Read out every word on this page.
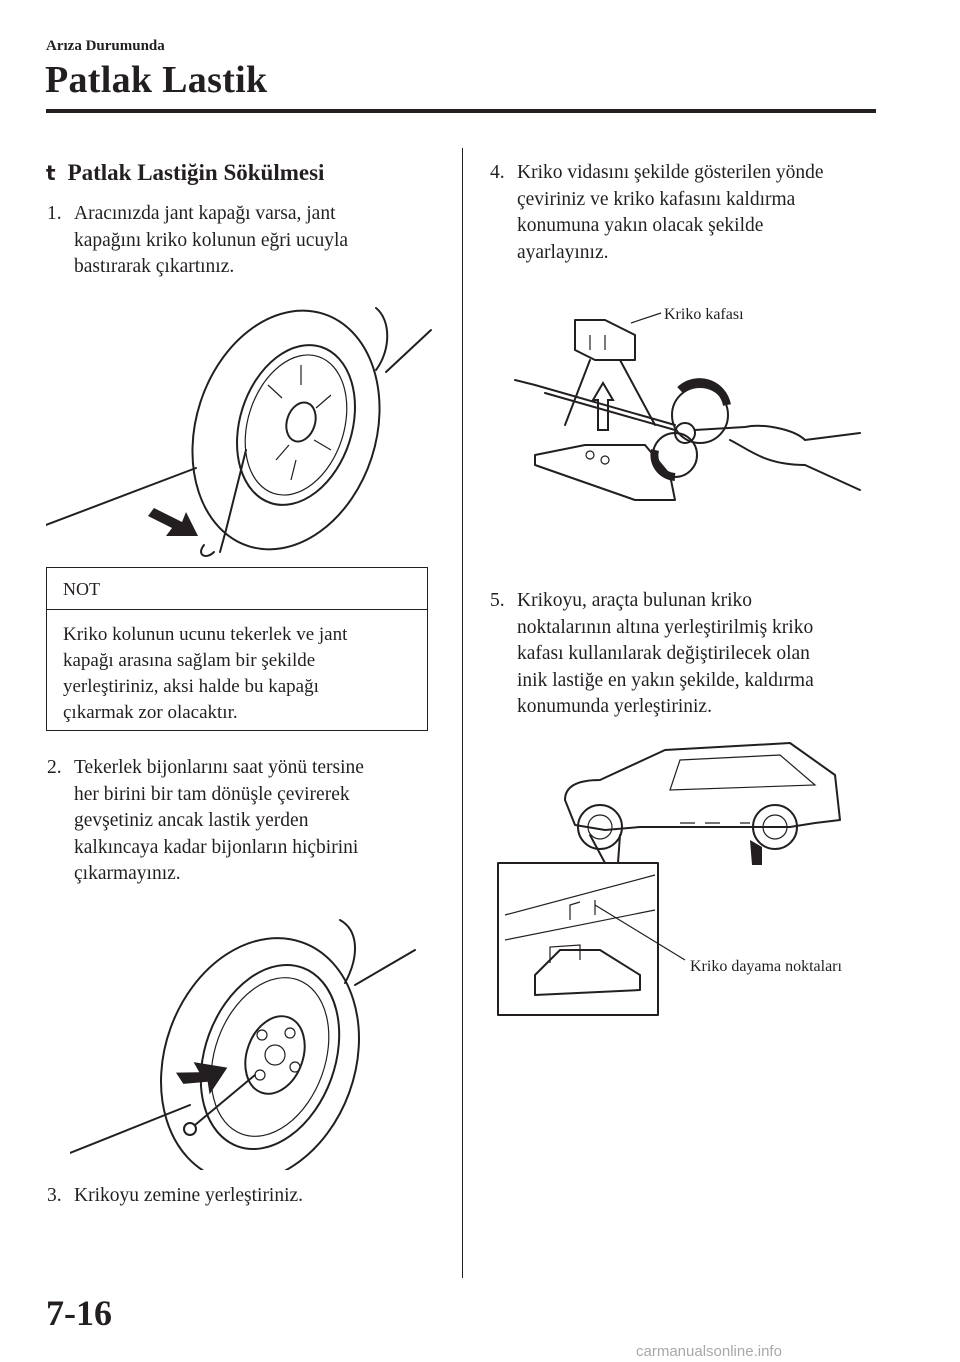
Arıza Durumunda
Patlak Lastik
t Patlak Lastiğin Sökülmesi
1. Aracınızda jant kapağı varsa, jant
kapağını kriko kolunun eğri ucuyla
bastırarak çıkartınız.
NOT
Kriko kolunun ucunu tekerlek ve jant
kapağı arasına sağlam bir şekilde
yerleştiriniz, aksi halde bu kapağı
çıkarmak zor olacaktır.
2. Tekerlek bijonlarını saat yönü tersine
her birini bir tam dönüşle çevirerek
gevşetiniz ancak lastik yerden
kalkıncaya kadar bijonların hiçbirini
çıkarmayınız.
3. Krikoyu zemine yerleştiriniz.
4. Kriko vidasını şekilde gösterilen yönde
çeviriniz ve kriko kafasını kaldırma
konumuna yakın olacak şekilde
ayarlayınız.
Kriko kafası
5. Krikoyu, araçta bulunan kriko
noktalarının altına yerleştirilmiş kriko
kafası kullanılarak değiştirilecek olan
inik lastiğe en yakın şekilde, kaldırma
konumunda yerleştiriniz.
Kriko dayama noktaları
7-16
carmanualsonline.info
